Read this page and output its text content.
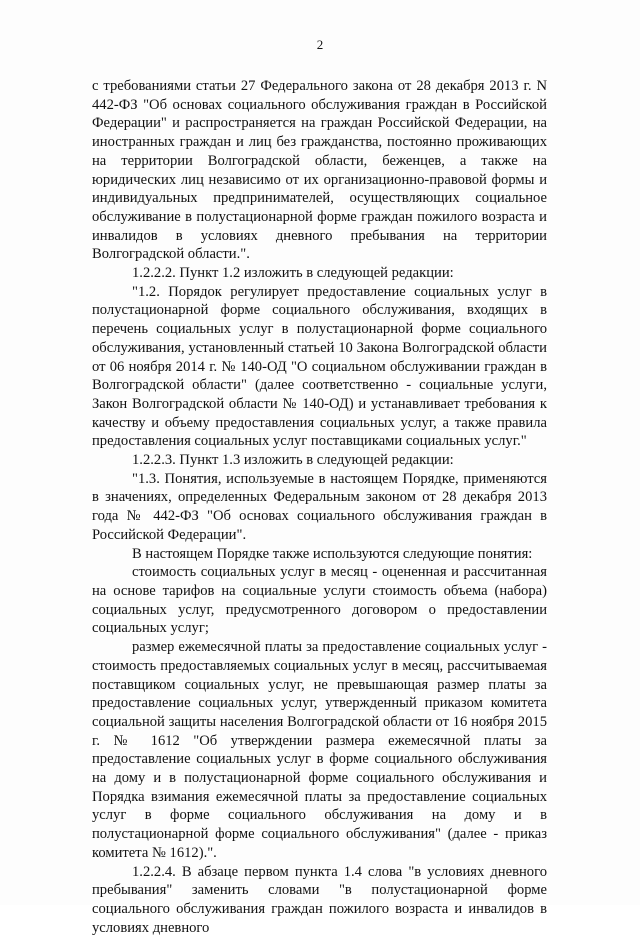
2

с требованиями статьи 27 Федерального закона от 28 декабря 2013 г. N 442-ФЗ "Об основах социального обслуживания граждан в Российской Федерации" и распространяется на граждан Российской Федерации, на иностранных граждан и лиц без гражданства, постоянно проживающих на территории Волгоградской области, беженцев, а также на юридических лиц независимо от их организационно-правовой формы и индивидуальных предпринимателей, осуществляющих социальное обслуживание в полустационарной форме граждан пожилого возраста и инвалидов в условиях дневного пребывания на территории Волгоградской области.".

1.2.2.2. Пункт 1.2 изложить в следующей редакции:

"1.2. Порядок регулирует предоставление социальных услуг в полустационарной форме социального обслуживания, входящих в перечень социальных услуг в полустационарной форме социального обслуживания, установленный статьей 10 Закона Волгоградской области от 06 ноября 2014 г. № 140-ОД "О социальном обслуживании граждан в Волгоградской области" (далее соответственно - социальные услуги, Закон Волгоградской области № 140-ОД) и устанавливает требования к качеству и объему предоставления социальных услуг, а также правила предоставления социальных услуг поставщиками социальных услуг."

1.2.2.3. Пункт 1.3 изложить в следующей редакции:

"1.3. Понятия, используемые в настоящем Порядке, применяются в значениях, определенных Федеральным законом от 28 декабря 2013 года № 442-ФЗ "Об основах социального обслуживания граждан в Российской Федерации".

В настоящем Порядке также используются следующие понятия:

стоимость социальных услуг в месяц - оцененная и рассчитанная на основе тарифов на социальные услуги стоимость объема (набора) социальных услуг, предусмотренного договором о предоставлении социальных услуг;

размер ежемесячной платы за предоставление социальных услуг - стоимость предоставляемых социальных услуг в месяц, рассчитываемая поставщиком социальных услуг, не превышающая размер платы за предоставление социальных услуг, утвержденный приказом комитета социальной защиты населения Волгоградской области от 16 ноября 2015 г. № 1612 "Об утверждении размера ежемесячной платы за предоставление социальных услуг в форме социального обслуживания на дому и в полустационарной форме социального обслуживания и Порядка взимания ежемесячной платы за предоставление социальных услуг в форме социального обслуживания на дому и в полустационарной форме социального обслуживания" (далее - приказ комитета № 1612).".

1.2.2.4. В абзаце первом пункта 1.4 слова "в условиях дневного пребывания" заменить словами "в полустационарной форме социального обслуживания граждан пожилого возраста и инвалидов в условиях дневного
